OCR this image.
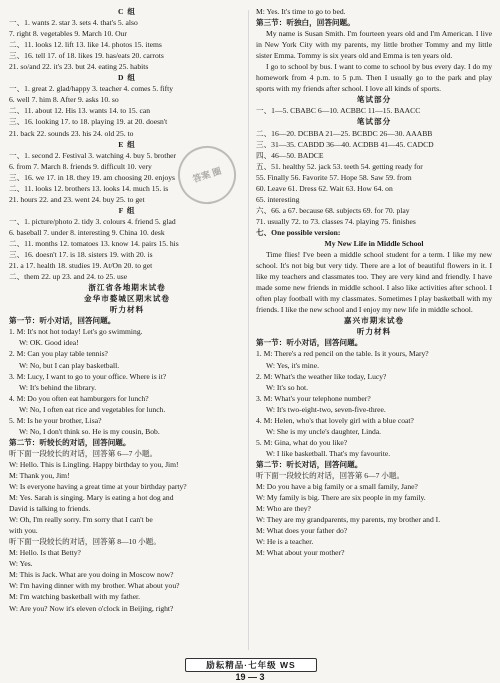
C 组
一、1. wants 2. star 3. sets 4. that's 5. also
7. right 8. vegetables 9. March 10. Our
二、11. looks 12. lift 13. like 14. photos 15. items
三、16. tell 17. of 18. likes 19. has/eats 20. carrots
21. so/and 22. it's 23. but 24. eating 25. habits
D 组
一、1. great 2. glad/happy 3. teacher 4. comes 5. fifty
6. well 7. him 8. After 9. asks 10. so
二、11. about 12. His 13. wants 14. to 15. can
三、16. looking 17. to 18. playing 19. at 20. doesn't
21. back 22. sounds 23. his 24. old 25. to
E 组
一、1. second 2. Festival 3. watching 4. buy 5. brother
6. from 7. March 8. friends 9. difficult 10. very
三、16. we 17. in 18. they 19. am choosing 20. enjoys
二、11. looks 12. brothers 13. looks 14. much 15. is
21. hours 22. and 23. went 24. buy 25. to get
F 组
一、1. picture/photo 2. tidy 3. colours 4. friend 5. glad
6. baseball 7. under 8. interesting 9. China 10. desk
二、11. months 12. tomatoes 13. know 14. pairs 15. his
三、16. doesn't 17. is 18. sisters 19. with 20. is
21. a 17. health 18. studies 19. At/On 20. to get
二、them 22. up 23. and 24. to 25. use
浙江省各地期末试卷
金华市婺城区期末试卷
听力材料
第一节：听小对话，回答问题。
1. M: It's not hot today! Let's go swimming.
W: OK. Good idea!
2. M: Can you play table tennis?
W: No, but I can play basketball.
3. M: Lucy, I want to go to your office. Where is it?
W: It's behind the library.
4. M: Do you often eat hamburgers for lunch?
W: No, I often eat rice and vegetables for lunch.
5. M: Is he your brother, Lisa?
W: No, I don't think so. He is my cousin, Bob.
第二节：听较长的对话，回答问题。
听下面一段较长的对话，回答第 6—7 小题。
W: Hello. This is Lingling. Happy birthday to you, Jim!
M: Thank you, Jim!
W: Is everyone having a great time at your birthday party?
M: Yes. Sarah is singing. Mary is eating a hot dog and
David is talking to friends.
W: Oh, I'm really sorry. I'm sorry that I can't be
with you.
听下面一段较长的对话，回答第 8—10 小题。
M: Hello. Is that Betty?
W: Yes.
M: This is Jack. What are you doing in Moscow now?
W: I'm having dinner with my brother. What about you?
M: I'm watching basketball with my father.
W: Are you? Now it's eleven o'clock in Beijing, right?
M: Yes. It's time to go to bed.
第三节：听独白，回答问题。
My name is Susan Smith. I'm fourteen years old and I'm American. I live in New York City with my parents, my little brother Tommy and my little sister Emma. Tommy is six years old and Emma is ten years old.
I go to school by bus. I want to come to school by bus every day. I do my homework from 4 p.m. to 5 p.m. Then I usually go to the park and play sports with my friends after school. I love all kinds of sports.
笔试部分
一、1—5. CBABC 6—10. ACBBC 11—15. BAACC
笔试部分
二、16—20. DCBBA 21—25. BCBDC 26—30. AAABB
三、31—35. CABDD 36—40. ACDBB 41—45. CADCD
四、46—50. BADCE
五、51. healthy 52. jack 53. teeth 54. getting ready for
55. Finally 56. Favorite 57. Hope 58. Saw 59. from
60. Leave 61. Dress 62. Wait 63. How 64. on
65. interesting
六、66. a 67. because 68. subjects 69. for 70. play
71. usually 72. to 73. classes 74. playing 75. finishes
七、One possible version:
My New Life in Middle School
Time flies! I've been a middle school student for a term. I like my new school. It's not big but very tidy. There are a lot of beautiful flowers in it. I like my teachers and classmates too. They are very kind and friendly. I have made some new friends in middle school. I also like activities after school. I often play football with my classmates. Sometimes I play basketball with my friends. I like the new school and I enjoy my new life in middle school.
嘉兴市期末试卷
听力材料
第一节：听小对话，回答问题。
1. M: There's a red pencil on the table. Is it yours, Mary?
W: Yes, it's mine.
2. M: What's the weather like today, Lucy?
W: It's so hot.
3. M: What's your telephone number?
W: It's two-eight-two, seven-five-three.
4. M: Helen, who's that lovely girl with a blue coat?
W: She is my uncle's daughter, Linda.
5. M: Gina, what do you like?
W: I like basketball. That's my favourite.
第二节：听长对话，回答问题。
听下面一段较长的对话，回答第 6—7 小题。
M: Do you have a big family or a small family, Jane?
W: My family is big. There are six people in my family.
M: Who are they?
W: They are my grandparents, my parents, my brother and I.
M: What does your father do?
W: He is a teacher.
M: What about your mother?
答案 圈
励耘精品·七年级 WS
19 — 3
